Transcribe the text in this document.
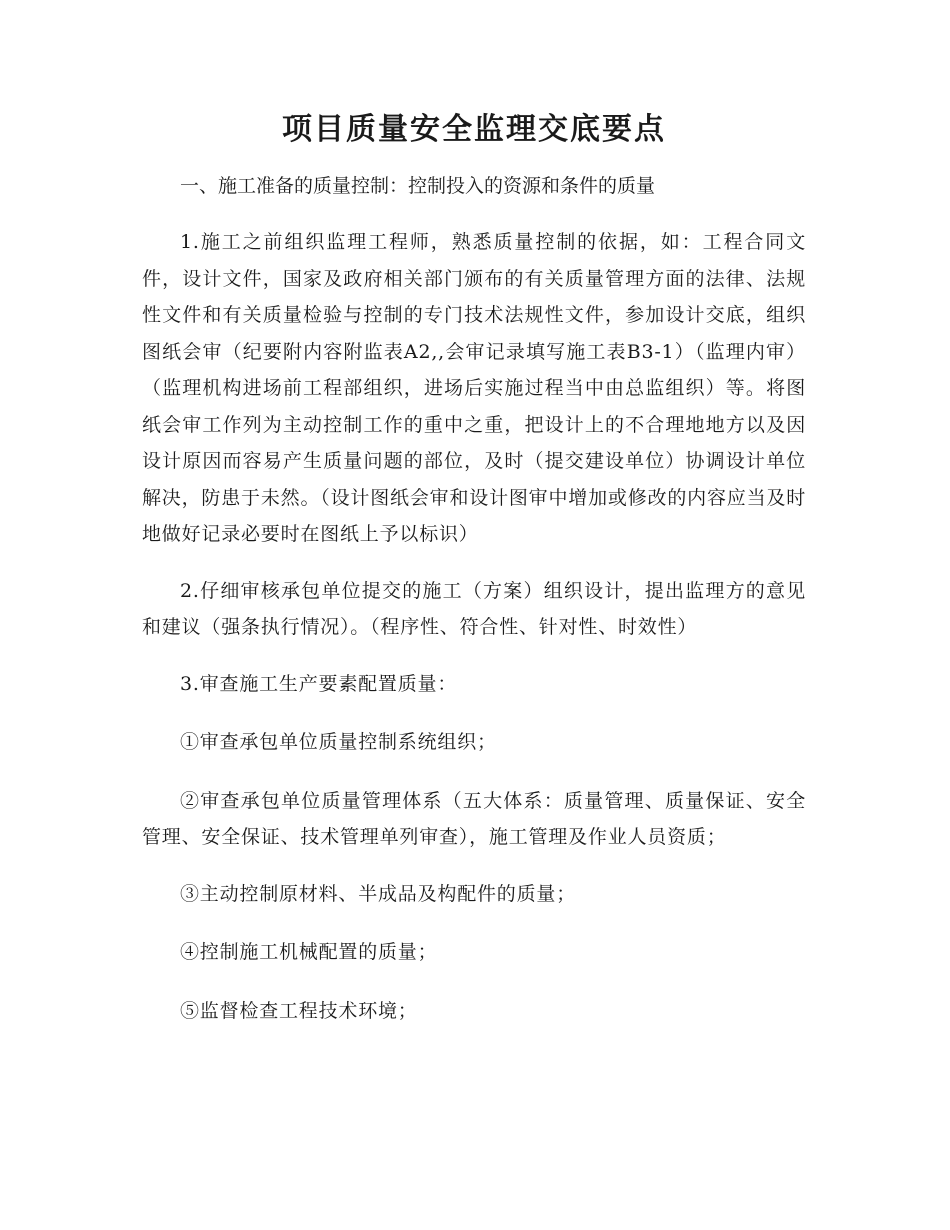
项目质量安全监理交底要点
一、施工准备的质量控制：控制投入的资源和条件的质量

1.施工之前组织监理工程师，熟悉质量控制的依据，如：工程合同文件，设计文件，国家及政府相关部门颁布的有关质量管理方面的法律、法规性文件和有关质量检验与控制的专门技术法规性文件，参加设计交底，组织图纸会审（纪要附内容附监表A2,,会审记录填写施工表B3-1）（监理内审）（监理机构进场前工程部组织，进场后实施过程当中由总监组织）等。将图纸会审工作列为主动控制工作的重中之重，把设计上的不合理地地方以及因设计原因而容易产生质量问题的部位，及时（提交建设单位）协调设计单位解决，防患于未然。（设计图纸会审和设计图审中增加或修改的内容应当及时地做好记录必要时在图纸上予以标识）

2.仔细审核承包单位提交的施工（方案）组织设计，提出监理方的意见和建议（强条执行情况）。（程序性、符合性、针对性、时效性）

3.审查施工生产要素配置质量：

①审查承包单位质量控制系统组织；

②审查承包单位质量管理体系（五大体系：质量管理、质量保证、安全管理、安全保证、技术管理单列审查），施工管理及作业人员资质；

③主动控制原材料、半成品及构配件的质量；

④控制施工机械配置的质量；

⑤监督检查工程技术环境；
